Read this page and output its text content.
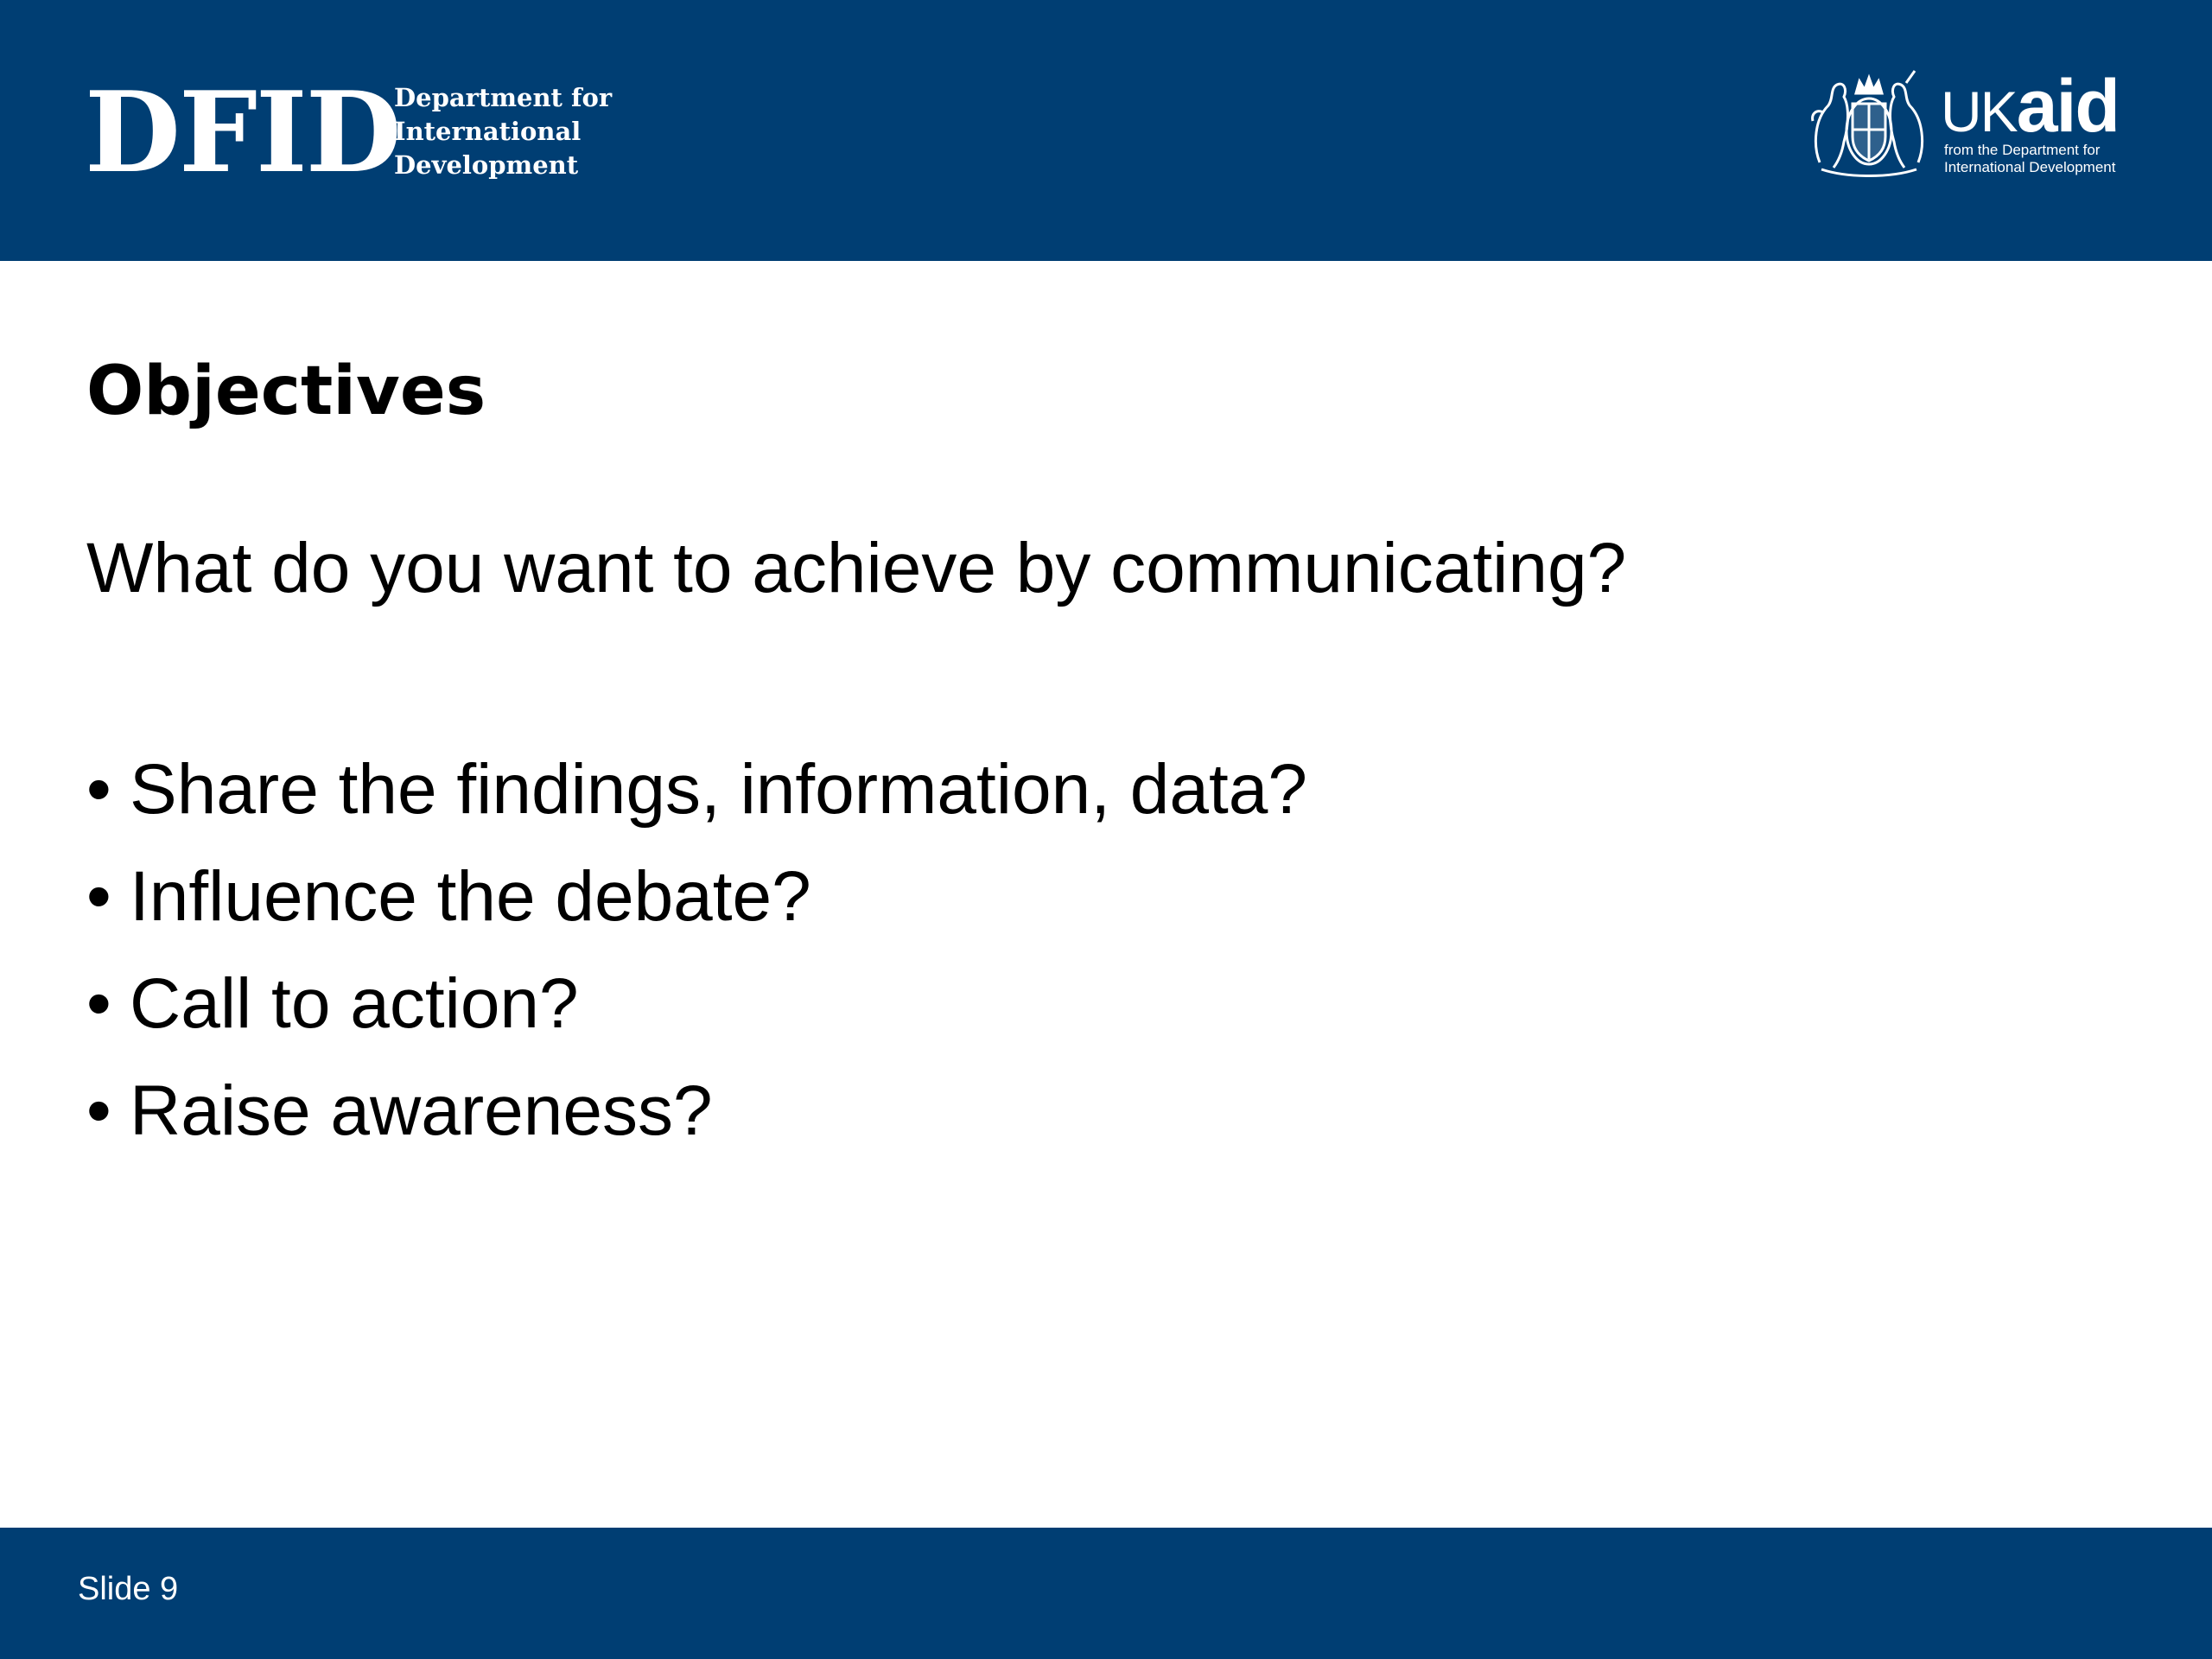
DFID
Department for
International
Development
UKaid
from the Department for
International Development
Objectives
What do you want to achieve by communicating?
• Share the findings, information, data?
• Influence the debate?
• Call to action?
• Raise awareness?
Slide 9
